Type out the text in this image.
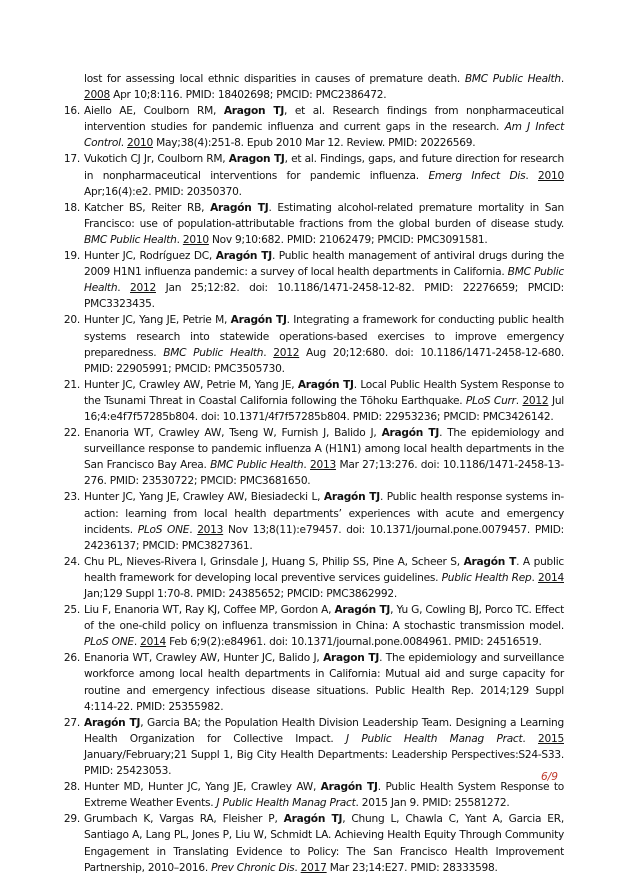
lost for assessing local ethnic disparities in causes of premature death. BMC Public Health. 2008 Apr 10;8:116. PMID: 18402698; PMCID: PMC2386472.
16. Aiello AE, Coulborn RM, Aragon TJ, et al. Research findings from nonpharmaceutical intervention studies for pandemic influenza and current gaps in the research. Am J Infect Control. 2010 May;38(4):251-8. Epub 2010 Mar 12. Review. PMID: 20226569.
17. Vukotich CJ Jr, Coulborn RM, Aragon TJ, et al. Findings, gaps, and future direction for research in nonpharmaceutical interventions for pandemic influenza. Emerg Infect Dis. 2010 Apr;16(4):e2. PMID: 20350370.
18. Katcher BS, Reiter RB, Aragón TJ. Estimating alcohol-related premature mortality in San Francisco: use of population-attributable fractions from the global burden of disease study. BMC Public Health. 2010 Nov 9;10:682. PMID: 21062479; PMCID: PMC3091581.
19. Hunter JC, Rodríguez DC, Aragón TJ. Public health management of antiviral drugs during the 2009 H1N1 influenza pandemic: a survey of local health departments in California. BMC Public Health. 2012 Jan 25;12:82. doi: 10.1186/1471-2458-12-82. PMID: 22276659; PMCID: PMC3323435.
20. Hunter JC, Yang JE, Petrie M, Aragón TJ. Integrating a framework for conducting public health systems research into statewide operations-based exercises to improve emergency preparedness. BMC Public Health. 2012 Aug 20;12:680. doi: 10.1186/1471-2458-12-680. PMID: 22905991; PMCID: PMC3505730.
21. Hunter JC, Crawley AW, Petrie M, Yang JE, Aragón TJ. Local Public Health System Response to the Tsunami Threat in Coastal California following the Tōhoku Earthquake. PLoS Curr. 2012 Jul 16;4:e4f7f57285b804. doi: 10.1371/4f7f57285b804. PMID: 22953236; PMCID: PMC3426142.
22. Enanoria WT, Crawley AW, Tseng W, Furnish J, Balido J, Aragón TJ. The epidemiology and surveillance response to pandemic influenza A (H1N1) among local health departments in the San Francisco Bay Area. BMC Public Health. 2013 Mar 27;13:276. doi: 10.1186/1471-2458-13-276. PMID: 23530722; PMCID: PMC3681650.
23. Hunter JC, Yang JE, Crawley AW, Biesiadecki L, Aragón TJ. Public health response systems in-action: learning from local health departments’ experiences with acute and emergency incidents. PLoS ONE. 2013 Nov 13;8(11):e79457. doi: 10.1371/journal.pone.0079457. PMID: 24236137; PMCID: PMC3827361.
24. Chu PL, Nieves-Rivera I, Grinsdale J, Huang S, Philip SS, Pine A, Scheer S, Aragón T. A public health framework for developing local preventive services guidelines. Public Health Rep. 2014 Jan;129 Suppl 1:70-8. PMID: 24385652; PMCID: PMC3862992.
25. Liu F, Enanoria WT, Ray KJ, Coffee MP, Gordon A, Aragón TJ, Yu G, Cowling BJ, Porco TC. Effect of the one-child policy on influenza transmission in China: A stochastic transmission model. PLoS ONE. 2014 Feb 6;9(2):e84961. doi: 10.1371/journal.pone.0084961. PMID: 24516519.
26. Enanoria WT, Crawley AW, Hunter JC, Balido J, Aragon TJ. The epidemiology and surveillance workforce among local health departments in California: Mutual aid and surge capacity for routine and emergency infectious disease situations. Public Health Rep. 2014;129 Suppl 4:114-22. PMID: 25355982.
27. Aragón TJ, Garcia BA; the Population Health Division Leadership Team. Designing a Learning Health Organization for Collective Impact. J Public Health Manag Pract. 2015 January/February;21 Suppl 1, Big City Health Departments: Leadership Perspectives:S24-S33. PMID: 25423053.
28. Hunter MD, Hunter JC, Yang JE, Crawley AW, Aragón TJ. Public Health System Response to Extreme Weather Events. J Public Health Manag Pract. 2015 Jan 9. PMID: 25581272.
29. Grumbach K, Vargas RA, Fleisher P, Aragón TJ, Chung L, Chawla C, Yant A, Garcia ER, Santiago A, Lang PL, Jones P, Liu W, Schmidt LA. Achieving Health Equity Through Community Engagement in Translating Evidence to Policy: The San Francisco Health Improvement Partnership, 2010–2016. Prev Chronic Dis. 2017 Mar 23;14:E27. PMID: 28333598.
6/9
